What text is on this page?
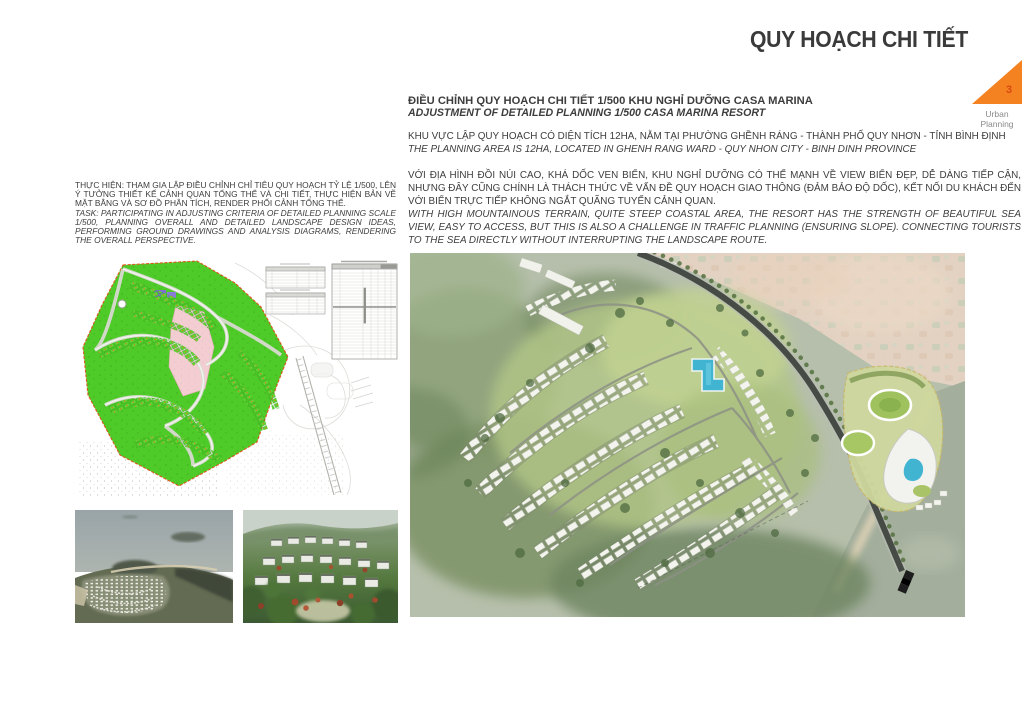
QUY HOẠCH CHI TIẾT
3
Urban
Planning
THỰC HIỆN: THAM GIA LẬP ĐIỀU CHỈNH CHỈ TIÊU QUY HOẠCH TỶ LỆ 1/500, LÊN Ý TƯỞNG THIẾT KẾ CẢNH QUAN TỔNG THỂ VÀ CHI TIẾT, THỰC HIỆN BẢN VẼ MẶT BẰNG VÀ SƠ ĐỒ PHÂN TÍCH, RENDER PHỐI CẢNH TỔNG THỂ.
TASK: PARTICIPATING IN ADJUSTING CRITERIA OF DETAILED PLANNING SCALE 1/500, PLANNING OVERALL AND DETAILED LANDSCAPE DESIGN IDEAS, PERFORMING GROUND DRAWINGS AND ANALYSIS DIAGRAMS, RENDERING THE OVERALL PERSPECTIVE.
ĐIỀU CHỈNH QUY HOẠCH CHI TIẾT 1/500 KHU NGHỈ DƯỠNG CASA MARINA
ADJUSTMENT OF DETAILED PLANNING 1/500 CASA MARINA RESORT
KHU VỰC LẬP QUY HOẠCH CÓ DIỆN TÍCH 12HA, NẰM TẠI PHƯỜNG GHỀNH RÁNG - THÀNH PHỐ QUY NHƠN - TỈNH BÌNH ĐỊNH
THE PLANNING AREA IS 12HA, LOCATED IN GHENH RANG WARD - QUY NHON CITY - BINH DINH PROVINCE
VỚI ĐỊA HÌNH ĐỒI NÚI CAO, KHÁ DỐC VEN BIỂN, KHU NGHỈ DƯỠNG CÓ THẾ MẠNH VỀ VIEW BIỂN ĐẸP, DỄ DÀNG TIẾP CẬN, NHƯNG ĐÂY CŨNG CHÍNH LÀ THÁCH THỨC VỀ VẤN ĐỀ QUY HOẠCH GIAO THÔNG (ĐẢM BẢO ĐỘ DỐC), KẾT NỐI DU KHÁCH ĐẾN VỚI BIỂN TRỰC TIẾP KHÔNG NGẮT QUÃNG TUYẾN CẢNH QUAN.
WITH HIGH MOUNTAINOUS TERRAIN, QUITE STEEP COASTAL AREA, THE RESORT HAS THE STRENGTH OF BEAUTIFUL SEA VIEW, EASY TO ACCESS, BUT THIS IS ALSO A CHALLENGE IN TRAFFIC PLANNING (ENSURING SLOPE). CONNECTING TOURISTS TO THE SEA DIRECTLY WITHOUT INTERRUPTING THE LANDSCAPE ROUTE.
